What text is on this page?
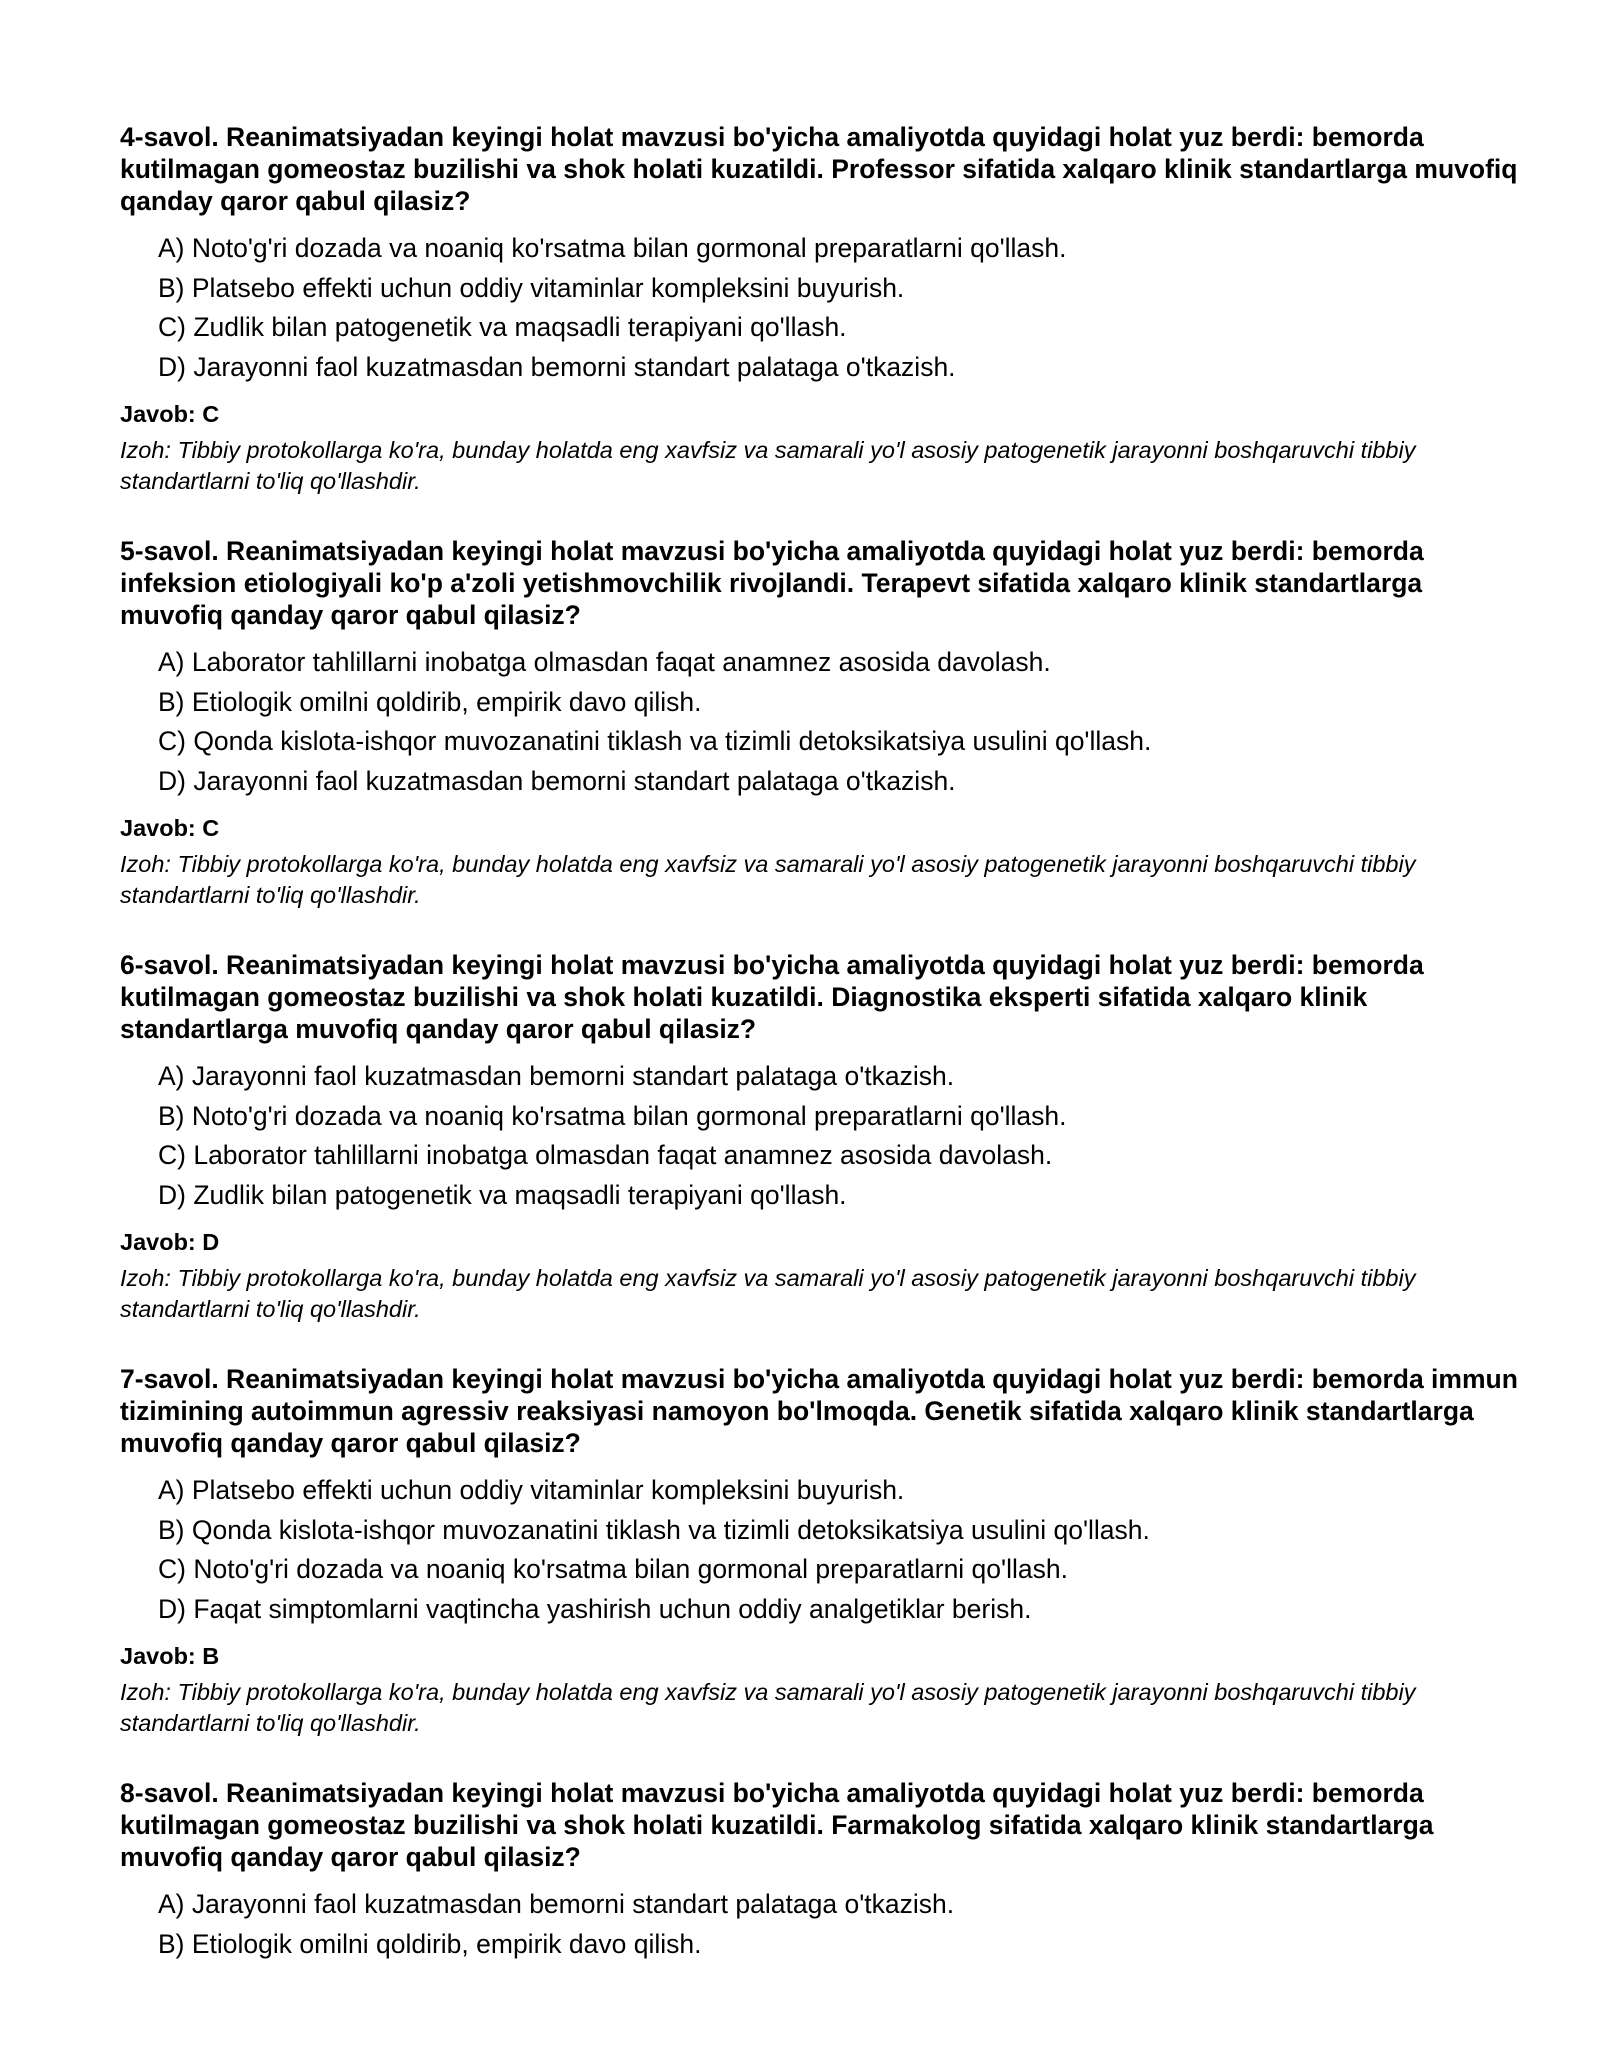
4-savol. Reanimatsiyadan keyingi holat mavzusi bo'yicha amaliyotda quyidagi holat yuz berdi: bemorda kutilmagan gomeostaz buzilishi va shok holati kuzatildi. Professor sifatida xalqaro klinik standartlarga muvofiq qanday qaror qabul qilasiz?

A) Noto'g'ri dozada va noaniq ko'rsatma bilan gormonal preparatlarni qo'llash.
B) Platsebo effekti uchun oddiy vitaminlar kompleksini buyurish.
C) Zudlik bilan patogenetik va maqsadli terapiyani qo'llash.
D) Jarayonni faol kuzatmasdan bemorni standart palataga o'tkazish.

Javob: C

Izoh: Tibbiy protokollarga ko'ra, bunday holatda eng xavfsiz va samarali yo'l asosiy patogenetik jarayonni boshqaruvchi tibbiy standartlarni to'liq qo'llashdir.

5-savol. Reanimatsiyadan keyingi holat mavzusi bo'yicha amaliyotda quyidagi holat yuz berdi: bemorda infeksion etiologiyali ko'p a'zoli yetishmovchilik rivojlandi. Terapevt sifatida xalqaro klinik standartlarga muvofiq qanday qaror qabul qilasiz?

A) Laborator tahlillarni inobatga olmasdan faqat anamnez asosida davolash.
B) Etiologik omilni qoldirib, empirik davo qilish.
C) Qonda kislota-ishqor muvozanatini tiklash va tizimli detoksikatsiya usulini qo'llash.
D) Jarayonni faol kuzatmasdan bemorni standart palataga o'tkazish.

Javob: C

Izoh: Tibbiy protokollarga ko'ra, bunday holatda eng xavfsiz va samarali yo'l asosiy patogenetik jarayonni boshqaruvchi tibbiy standartlarni to'liq qo'llashdir.

6-savol. Reanimatsiyadan keyingi holat mavzusi bo'yicha amaliyotda quyidagi holat yuz berdi: bemorda kutilmagan gomeostaz buzilishi va shok holati kuzatildi. Diagnostika eksperti sifatida xalqaro klinik standartlarga muvofiq qanday qaror qabul qilasiz?

A) Jarayonni faol kuzatmasdan bemorni standart palataga o'tkazish.
B) Noto'g'ri dozada va noaniq ko'rsatma bilan gormonal preparatlarni qo'llash.
C) Laborator tahlillarni inobatga olmasdan faqat anamnez asosida davolash.
D) Zudlik bilan patogenetik va maqsadli terapiyani qo'llash.

Javob: D

Izoh: Tibbiy protokollarga ko'ra, bunday holatda eng xavfsiz va samarali yo'l asosiy patogenetik jarayonni boshqaruvchi tibbiy standartlarni to'liq qo'llashdir.

7-savol. Reanimatsiyadan keyingi holat mavzusi bo'yicha amaliyotda quyidagi holat yuz berdi: bemorda immun tizimining autoimmun agressiv reaksiyasi namoyon bo'lmoqda. Genetik sifatida xalqaro klinik standartlarga muvofiq qanday qaror qabul qilasiz?

A) Platsebo effekti uchun oddiy vitaminlar kompleksini buyurish.
B) Qonda kislota-ishqor muvozanatini tiklash va tizimli detoksikatsiya usulini qo'llash.
C) Noto'g'ri dozada va noaniq ko'rsatma bilan gormonal preparatlarni qo'llash.
D) Faqat simptomlarni vaqtincha yashirish uchun oddiy analgetiklar berish.

Javob: B

Izoh: Tibbiy protokollarga ko'ra, bunday holatda eng xavfsiz va samarali yo'l asosiy patogenetik jarayonni boshqaruvchi tibbiy standartlarni to'liq qo'llashdir.

8-savol. Reanimatsiyadan keyingi holat mavzusi bo'yicha amaliyotda quyidagi holat yuz berdi: bemorda kutilmagan gomeostaz buzilishi va shok holati kuzatildi. Farmakolog sifatida xalqaro klinik standartlarga muvofiq qanday qaror qabul qilasiz?

A) Jarayonni faol kuzatmasdan bemorni standart palataga o'tkazish.
B) Etiologik omilni qoldirib, empirik davo qilish.
